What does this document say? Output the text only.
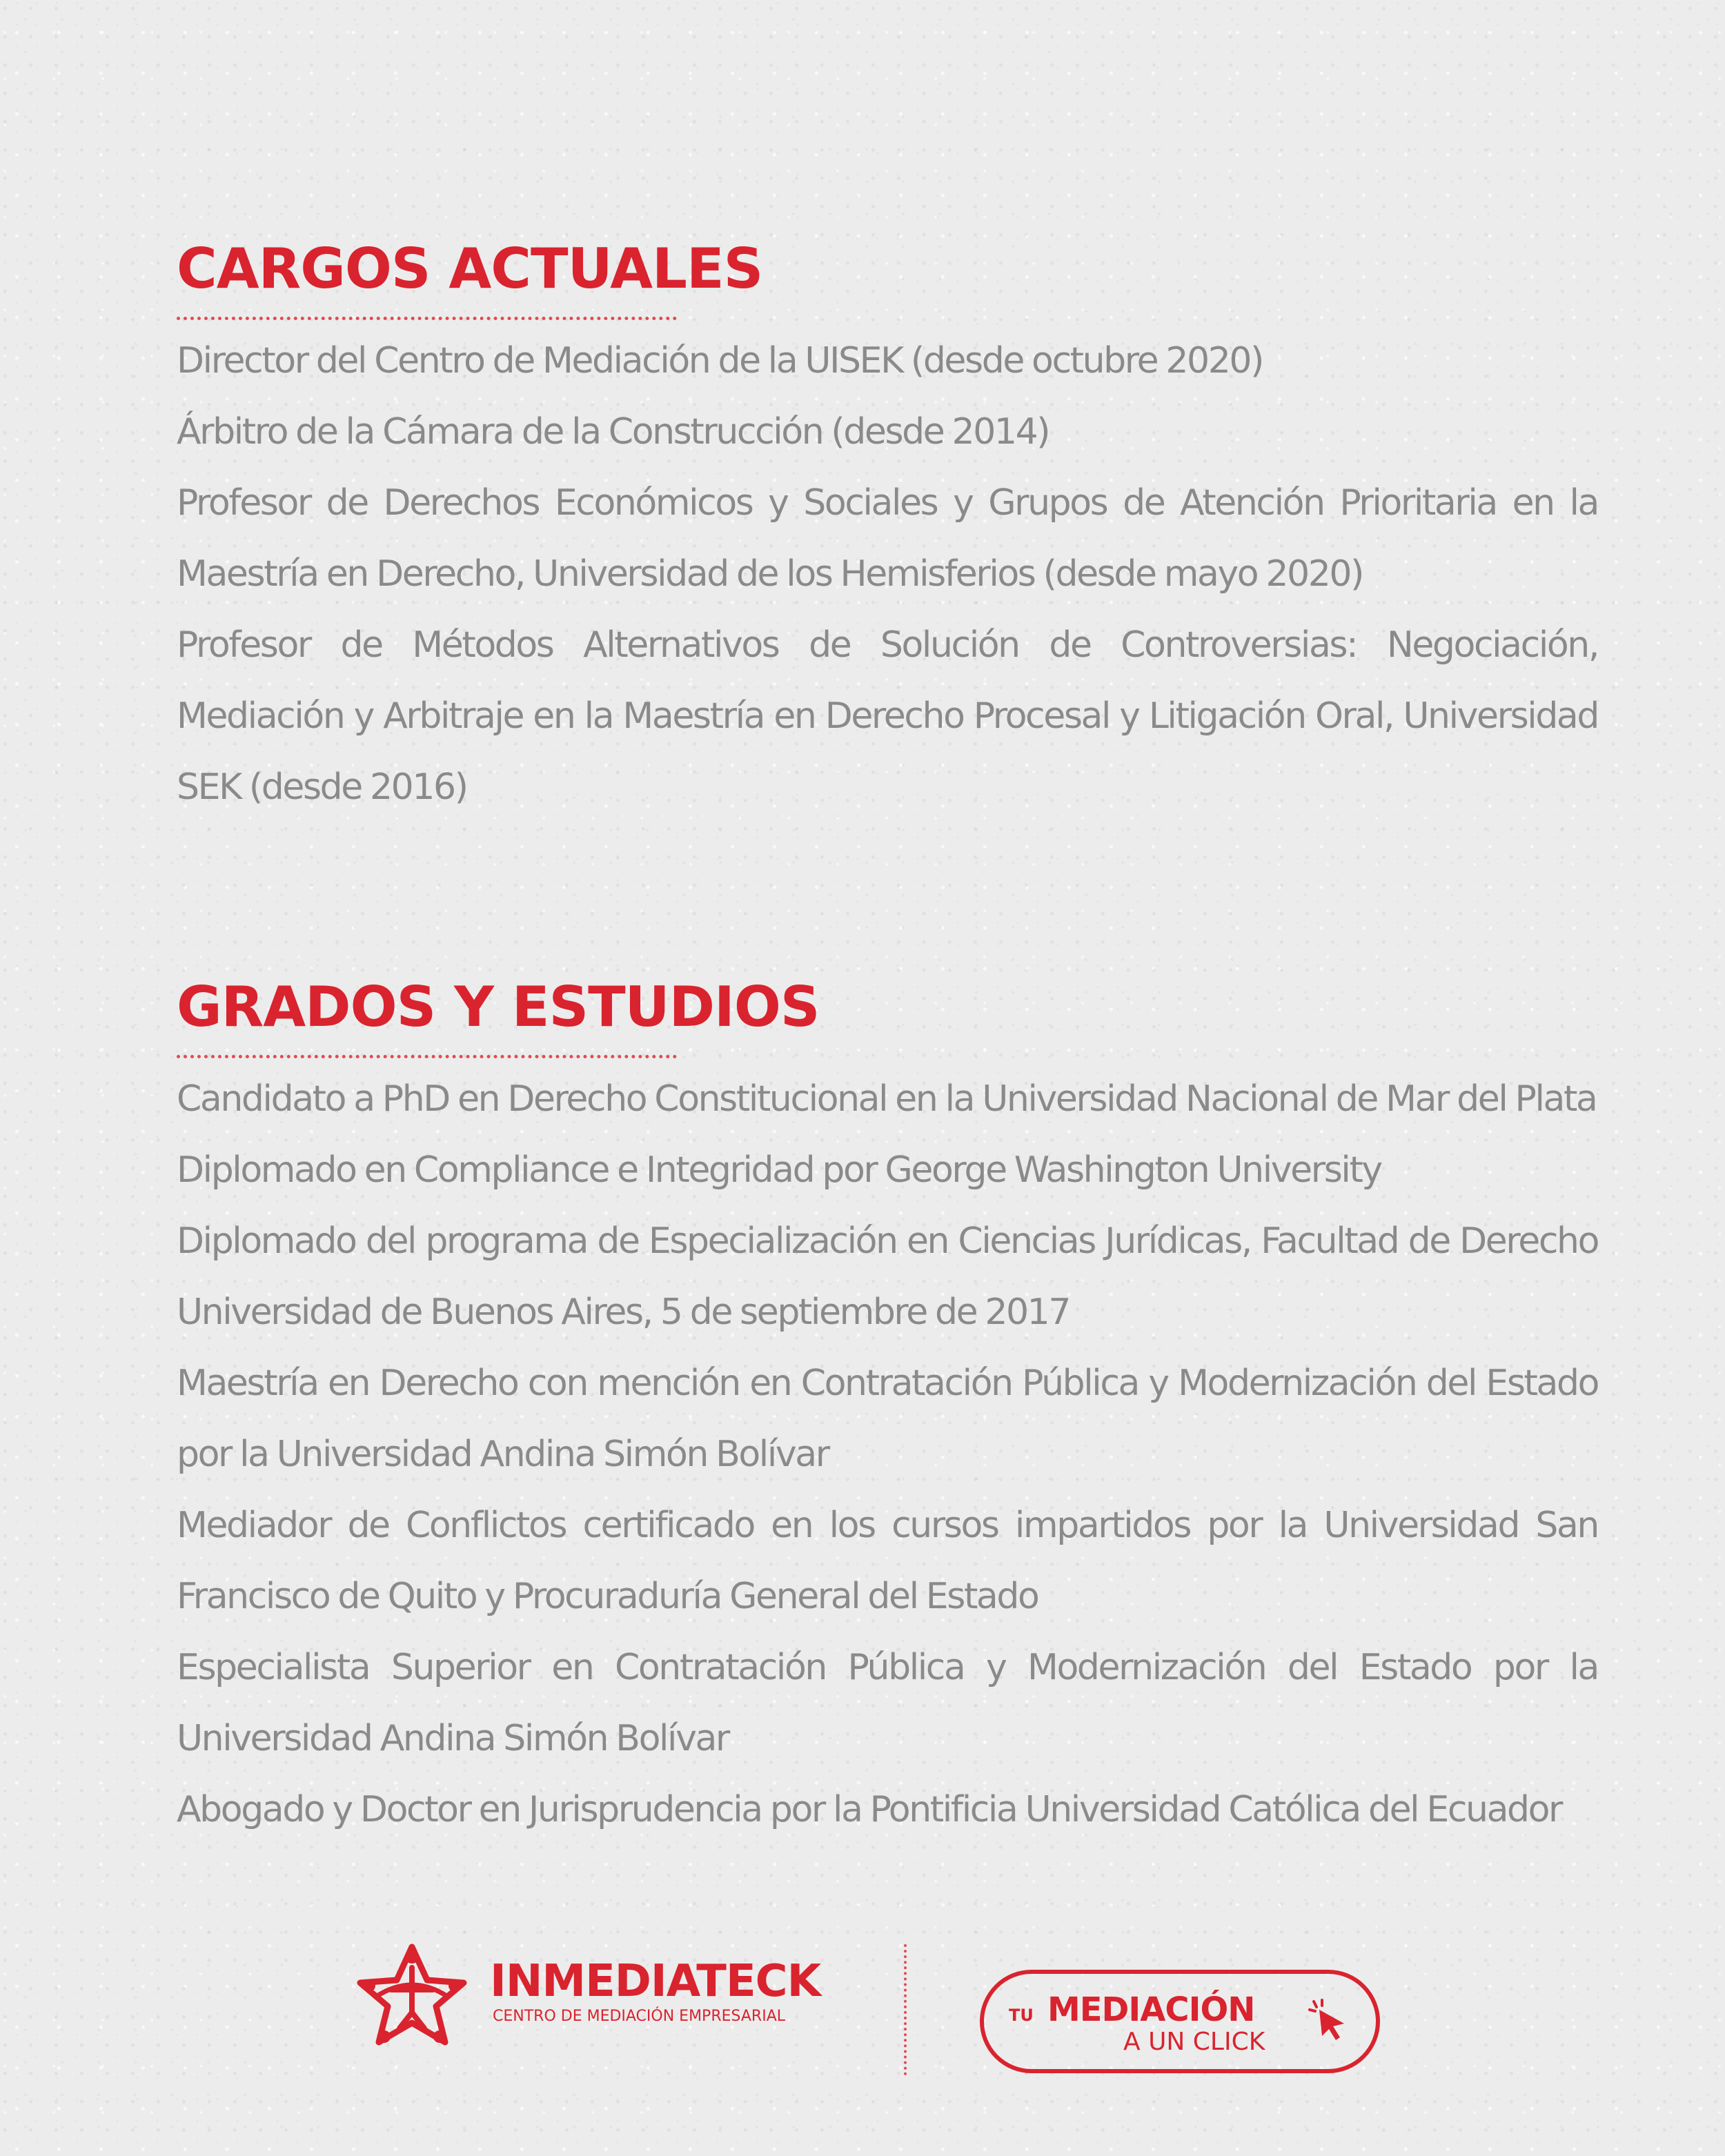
CARGOS ACTUALES
Director del Centro de Mediación de la UISEK (desde octubre 2020)
Árbitro de la Cámara de la Construcción (desde 2014)
Profesor de Derechos Económicos y Sociales y Grupos de Atención Prioritaria en la Maestría en Derecho, Universidad de los Hemisferios (desde mayo 2020)
Profesor de Métodos Alternativos de Solución de Controversias: Negociación, Mediación y Arbitraje en la Maestría en Derecho Procesal y Litigación Oral, Universidad SEK (desde 2016)
GRADOS Y ESTUDIOS
Candidato a PhD en Derecho Constitucional en la Universidad Nacional de Mar del Plata
Diplomado en Compliance e Integridad por George Washington University
Diplomado del programa de Especialización en Ciencias Jurídicas, Facultad de Derecho Universidad de Buenos Aires, 5 de septiembre de 2017
Maestría en Derecho con mención en Contratación Pública y Modernización del Estado por la Universidad Andina Simón Bolívar
Mediador de Conflictos certificado en los cursos impartidos por la Universidad San Francisco de Quito y Procuraduría General del Estado
Especialista Superior en Contratación Pública y Modernización del Estado por la Universidad Andina Simón Bolívar
Abogado y Doctor en Jurisprudencia por la Pontificia Universidad Católica del Ecuador
INMEDIATECK
CENTRO DE MEDIACIÓN EMPRESARIAL	TU MEDIACIÓN
A UN CLICK
